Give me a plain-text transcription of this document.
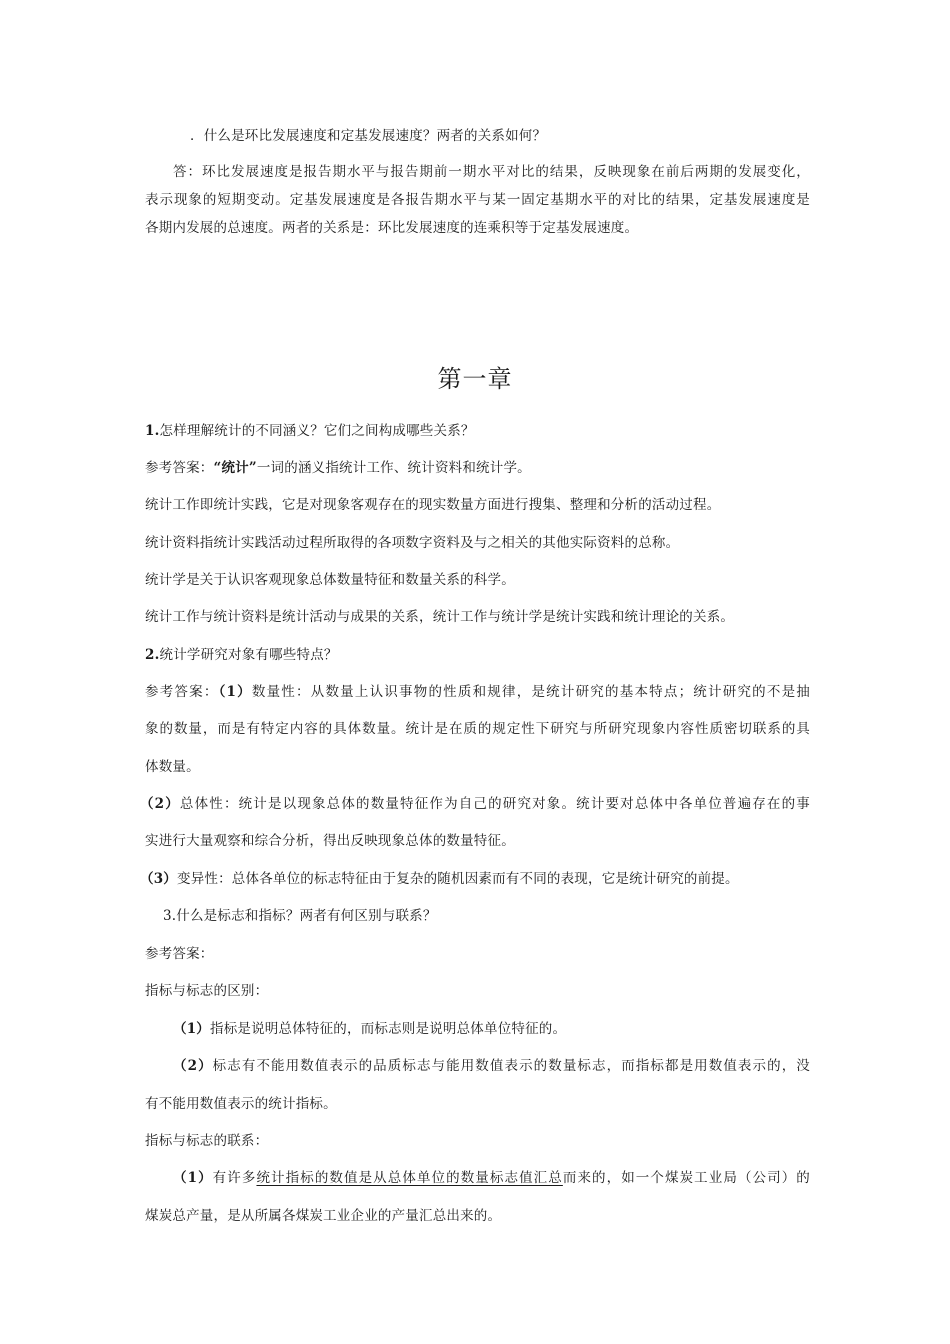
．什么是环比发展速度和定基发展速度？两者的关系如何？
答：环比发展速度是报告期水平与报告期前一期水平对比的结果，反映现象在前后两期的发展变化，
表示现象的短期变动。定基发展速度是各报告期水平与某一固定基期水平的对比的结果，定基发展速度是
各期内发展的总速度。两者的关系是：环比发展速度的连乘积等于定基发展速度。
第一章
1.怎样理解统计的不同涵义？它们之间构成哪些关系？
参考答案：“统计”一词的涵义指统计工作、统计资料和统计学。
统计工作即统计实践，它是对现象客观存在的现实数量方面进行搜集、整理和分析的活动过程。
统计资料指统计实践活动过程所取得的各项数字资料及与之相关的其他实际资料的总称。
统计学是关于认识客观现象总体数量特征和数量关系的科学。
统计工作与统计资料是统计活动与成果的关系，统计工作与统计学是统计实践和统计理论的关系。
2.统计学研究对象有哪些特点？
参考答案：（1）数量性：从数量上认识事物的性质和规律，是统计研究的基本特点；统计研究的不是抽
象的数量，而是有特定内容的具体数量。统计是在质的规定性下研究与所研究现象内容性质密切联系的具
体数量。
（2）总体性：统计是以现象总体的数量特征作为自己的研究对象。统计要对总体中各单位普遍存在的事
实进行大量观察和综合分析，得出反映现象总体的数量特征。
（3）变异性：总体各单位的标志特征由于复杂的随机因素而有不同的表现，它是统计研究的前提。
3.什么是标志和指标？两者有何区别与联系？
参考答案：
指标与标志的区别：
（1）指标是说明总体特征的，而标志则是说明总体单位特征的。
（2）标志有不能用数值表示的品质标志与能用数值表示的数量标志，而指标都是用数值表示的，没
有不能用数值表示的统计指标。
指标与标志的联系：
（1）有许多统计指标的数值是从总体单位的数量标志值汇总而来的，如一个煤炭工业局（公司）的
煤炭总产量，是从所属各煤炭工业企业的产量汇总出来的。
